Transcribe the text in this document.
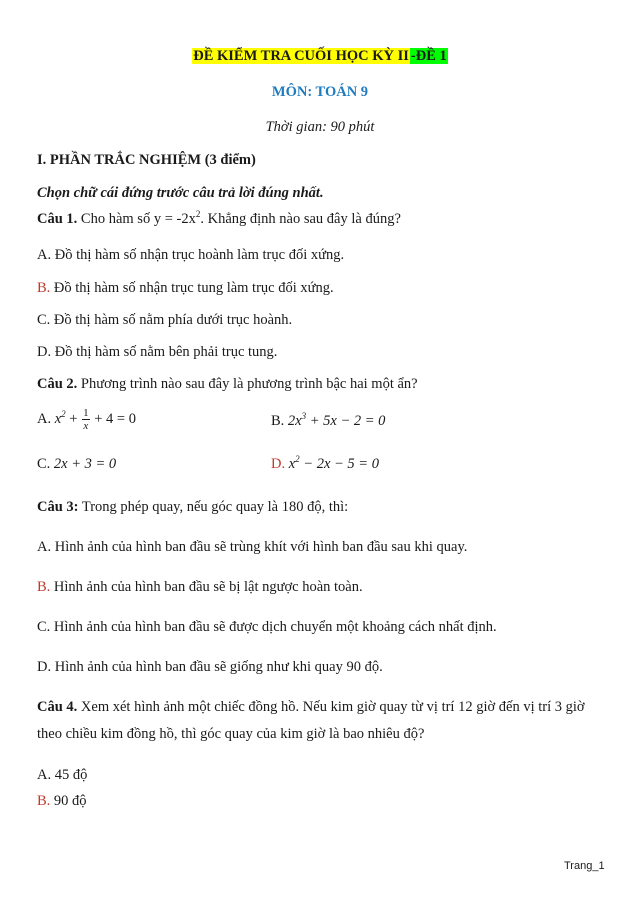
ĐỀ KIỂM TRA CUỐI HỌC KỲ II -ĐỀ 1
MÔN: TOÁN 9
Thời gian: 90 phút
I. PHẦN TRẮC NGHIỆM (3 điểm)
Chọn chữ cái đứng trước câu trả lời đúng nhất.
Câu 1. Cho hàm số $y = -2x^2$. Khẳng định nào sau đây là đúng?
A. Đồ thị hàm số nhận trục hoành làm trục đối xứng.
B. Đồ thị hàm số nhận trục tung làm trục đối xứng.
C. Đồ thị hàm số nằm phía dưới trục hoành.
D. Đồ thị hàm số nằm bên phải trục tung.
Câu 2. Phương trình nào sau đây là phương trình bậc hai một ẩn?
A. $x^2 + \frac{1}{x} + 4 = 0$	B. $2x^3 + 5x - 2 = 0$
C. 2x + 3 = 0	D. $x^2 - 2x - 5 = 0$
Câu 3: Trong phép quay, nếu góc quay là 180 độ, thì:
A. Hình ảnh của hình ban đầu sẽ trùng khít với hình ban đầu sau khi quay.
B. Hình ảnh của hình ban đầu sẽ bị lật ngược hoàn toàn.
C. Hình ảnh của hình ban đầu sẽ được dịch chuyển một khoảng cách nhất định.
D. Hình ảnh của hình ban đầu sẽ giống như khi quay 90 độ.
Câu 4. Xem xét hình ảnh một chiếc đồng hồ. Nếu kim giờ quay từ vị trí 12 giờ đến vị trí 3 giờ
theo chiều kim đồng hồ, thì góc quay của kim giờ là bao nhiêu độ?
A. 45 độ
B. 90 độ
Trang_1
